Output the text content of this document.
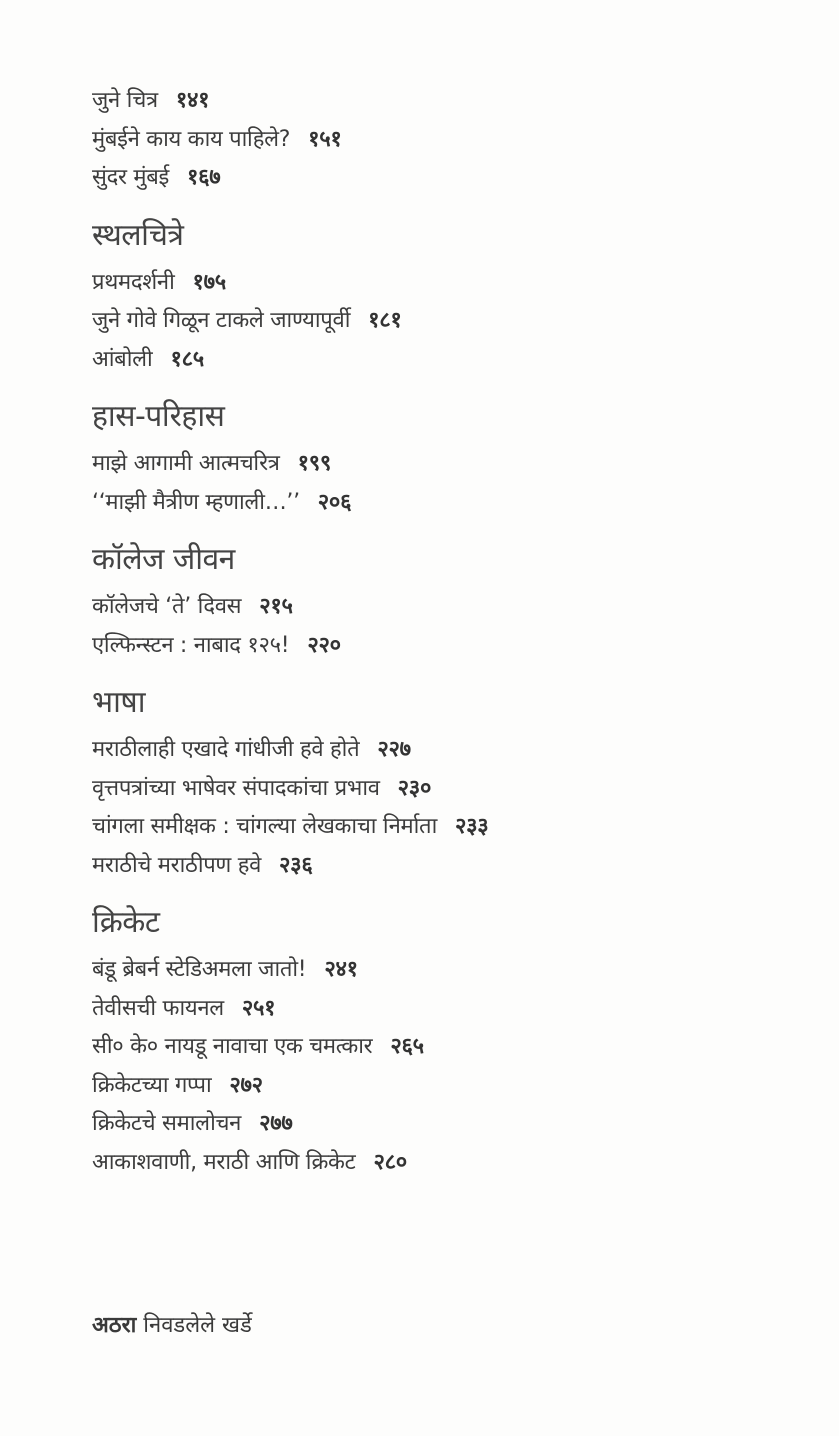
जुने चित्र १४१
मुंबईने काय काय पाहिले? १५१
सुंदर मुंबई १६७
स्थलचित्रे
प्रथमदर्शनी १७५
जुने गोवे गिळून टाकले जाण्यापूर्वी १८१
आंबोली १८५
हास-परिहास
माझे आगामी आत्मचरित्र १९९
‘‘माझी मैत्रीण म्हणाली…’’ २०६
कॉलेज जीवन
कॉलेजचे ‘ते’ दिवस २१५
एल्फिन्स्टन : नाबाद १२५! २२०
भाषा
मराठीलाही एखादे गांधीजी हवे होते २२७
वृत्तपत्रांच्या भाषेवर संपादकांचा प्रभाव २३०
चांगला समीक्षक : चांगल्या लेखकाचा निर्माता २३३
मराठीचे मराठीपण हवे २३६
क्रिकेट
बंडू ब्रेबर्न स्टेडिअमला जातो! २४१
तेवीसची फायनल २५१
सी० के० नायडू नावाचा एक चमत्कार २६५
क्रिकेटच्या गप्पा २७२
क्रिकेटचे समालोचन २७७
आकाशवाणी, मराठी आणि क्रिकेट २८०
अठरा निवडलेले खर्डे
